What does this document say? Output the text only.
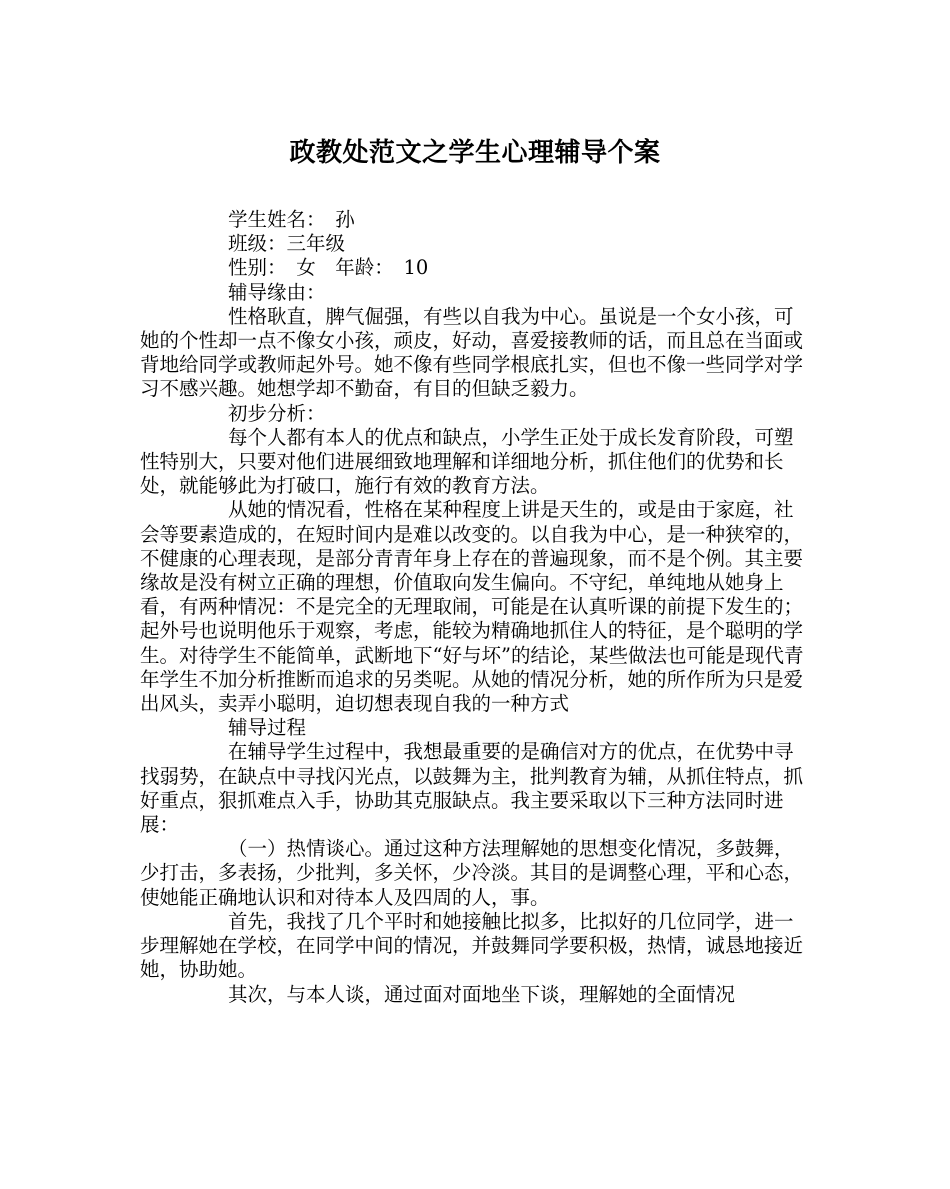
政教处范文之学生心理辅导个案

学生姓名：　孙

班级：三年级

性别：　女　年龄：　10

辅导缘由：

性格耿直，脾气倔强，有些以自我为中心。虽说是一个女小孩，可她的个性却一点不像女小孩，顽皮，好动，喜爱接教师的话，而且总在当面或背地给同学或教师起外号。她不像有些同学根底扎实，但也不像一些同学对学习不感兴趣。她想学却不勤奋，有目的但缺乏毅力。

初步分析：

每个人都有本人的优点和缺点，小学生正处于成长发育阶段，可塑性特别大，只要对他们进展细致地理解和详细地分析，抓住他们的优势和长处，就能够此为打破口，施行有效的教育方法。

从她的情况看，性格在某种程度上讲是天生的，或是由于家庭，社会等要素造成的，在短时间内是难以改变的。以自我为中心，是一种狭窄的，不健康的心理表现，是部分青青年身上存在的普遍现象，而不是个例。其主要缘故是没有树立正确的理想，价值取向发生偏向。不守纪，单纯地从她身上看，有两种情况：不是完全的无理取闹，可能是在认真听课的前提下发生的；起外号也说明他乐于观察，考虑，能较为精确地抓住人的特征，是个聪明的学生。对待学生不能简单，武断地下“好与坏”的结论，某些做法也可能是现代青年学生不加分析推断而追求的另类呢。从她的情况分析，她的所作所为只是爱出风头，卖弄小聪明，迫切想表现自我的一种方式

辅导过程

在辅导学生过程中，我想最重要的是确信对方的优点，在优势中寻找弱势，在缺点中寻找闪光点，以鼓舞为主，批判教育为辅，从抓住特点，抓好重点，狠抓难点入手，协助其克服缺点。我主要采取以下三种方法同时进展：

（一）热情谈心。通过这种方法理解她的思想变化情况，多鼓舞，少打击，多表扬，少批判，多关怀，少冷淡。其目的是调整心理，平和心态，使她能正确地认识和对待本人及四周的人，事。

首先，我找了几个平时和她接触比拟多，比拟好的几位同学，进一步理解她在学校，在同学中间的情况，并鼓舞同学要积极，热情，诚恳地接近她，协助她。

其次，与本人谈，通过面对面地坐下谈，理解她的全面情况
